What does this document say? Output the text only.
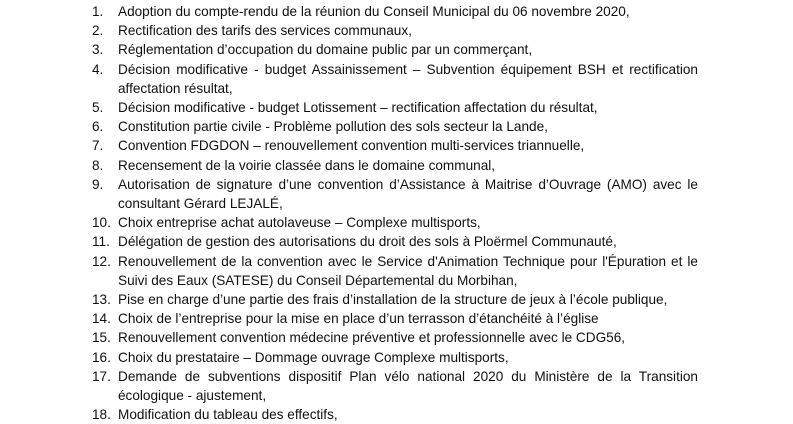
1.	Adoption du compte-rendu de la réunion du Conseil Municipal du 06 novembre 2020,
2.	Rectification des tarifs des services communaux,
3.	Réglementation d’occupation du domaine public par un commerçant,
4.	Décision modificative - budget Assainissement – Subvention équipement BSH et rectification affectation résultat,
5.	Décision modificative - budget Lotissement – rectification affectation du résultat,
6.	Constitution partie civile - Problème pollution des sols secteur la Lande,
7.	Convention FDGDON – renouvellement convention multi-services triannuelle,
8.	Recensement de la voirie classée dans le domaine communal,
9.	Autorisation de signature d’une convention d’Assistance à Maitrise d’Ouvrage (AMO) avec le consultant Gérard LEJALÉ,
10. Choix entreprise achat autolaveuse – Complexe multisports,
11. Délégation de gestion des autorisations du droit des sols à Ploërmel Communauté,
12. Renouvellement de la convention avec le Service d'Animation Technique pour l'Épuration et le Suivi des Eaux (SATESE) du Conseil Départemental du Morbihan,
13. Pise en charge d’une partie des frais d’installation de la structure de jeux à l’école publique,
14. Choix de l’entreprise pour la mise en place d’un terrasson d’étanchéité à l’église
15. Renouvellement convention médecine préventive et professionnelle avec le CDG56,
16. Choix du prestataire – Dommage ouvrage Complexe multisports,
17. Demande de subventions dispositif Plan vélo national 2020 du Ministère de la Transition écologique - ajustement,
18. Modification du tableau des effectifs,
